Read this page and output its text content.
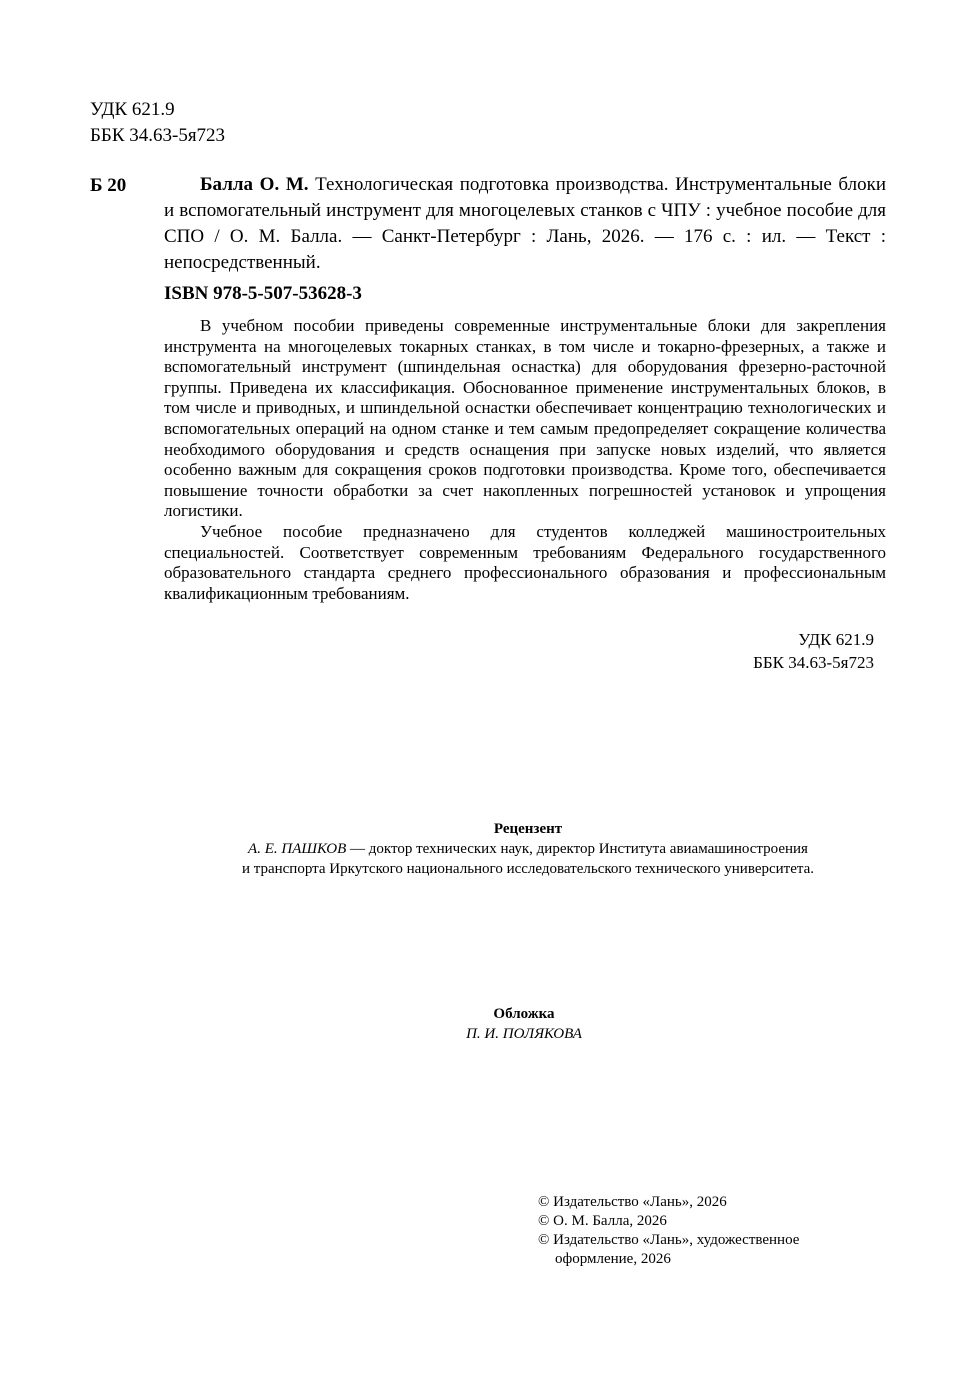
УДК 621.9
ББК 34.63-5я723
Б 20	Балла О. М. Технологическая подготовка производства. Инструментальные блоки и вспомогательный инструмент для многоцелевых станков с ЧПУ : учебное пособие для СПО / О. М. Балла. — Санкт-Петербург : Лань, 2026. — 176 с. : ил. — Текст : непосредственный.
ISBN 978-5-507-53628-3

В учебном пособии приведены современные инструментальные блоки для закрепления инструмента на многоцелевых токарных станках, в том числе и токарно-фрезерных, а также и вспомогательный инструмент (шпиндельная оснастка) для оборудования фрезерно-расточной группы. Приведена их классификация. Обоснованное применение инструментальных блоков, в том числе и приводных, и шпиндельной оснастки обеспечивает концентрацию технологических и вспомогательных операций на одном станке и тем самым предопределяет сокращение количества необходимого оборудования и средств оснащения при запуске новых изделий, что является особенно важным для сокращения сроков подготовки производства. Кроме того, обеспечивается повышение точности обработки за счет накопленных погрешностей установок и упрощения логистики.

Учебное пособие предназначено для студентов колледжей машиностроительных специальностей. Соответствует современным требованиям Федерального государственного образовательного стандарта среднего профессионального образования и профессиональным квалификационным требованиям.

УДК 621.9
ББК 34.63-5я723
Рецензент
А. Е. ПАШКОВ — доктор технических наук, директор Института авиамашиностроения
и транспорта Иркутского национального исследовательского технического университета.
Обложка
П. И. ПОЛЯКОВА
© Издательство «Лань», 2026
© О. М. Балла, 2026
© Издательство «Лань», художественное
оформление, 2026
